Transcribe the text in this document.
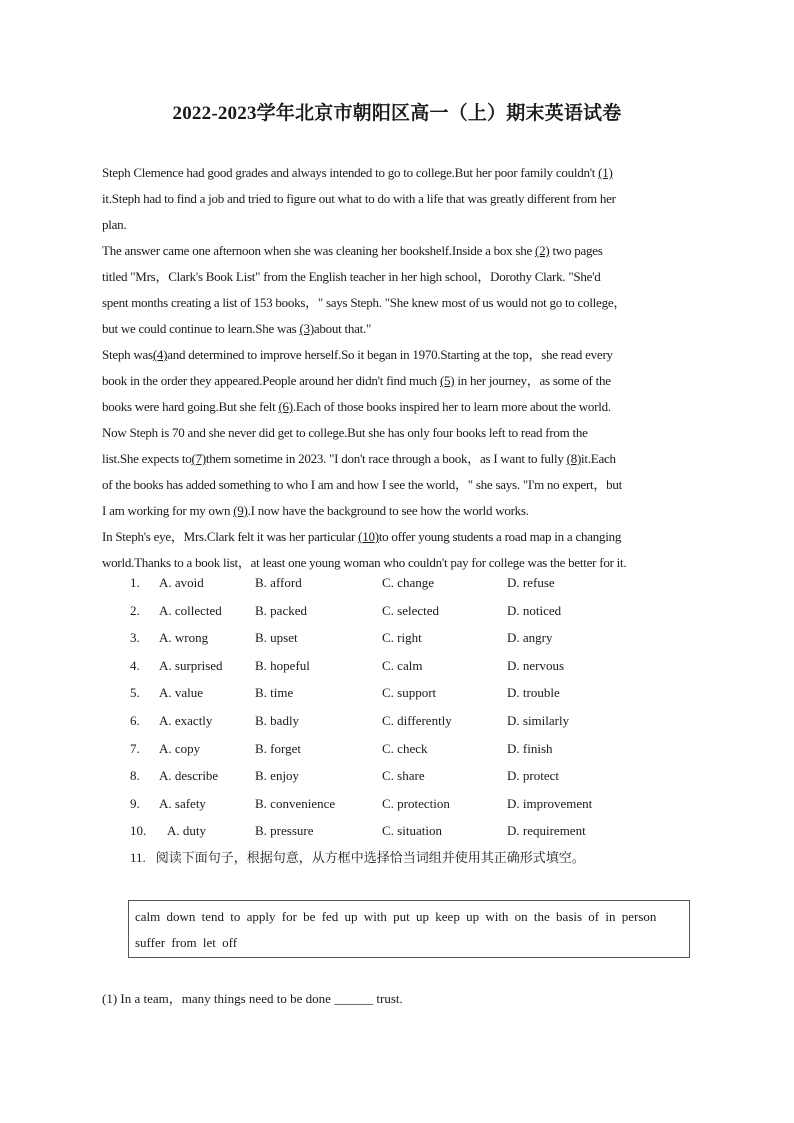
2022-2023学年北京市朝阳区高一（上）期末英语试卷
Steph Clemence had good grades and always intended to go to college.But her poor family couldn't (1)
it.Steph had to find a job and tried to figure out what to do with a life that was greatly different from her
plan.
The answer came one afternoon when she was cleaning her bookshelf.Inside a box she (2) two pages
titled "Mrs，Clark's Book List" from the English teacher in her high school，Dorothy Clark. "She'd
spent months creating a list of 153 books，" says Steph. "She knew most of us would not go to college，
but we could continue to learn.She was (3)about that."
Steph was(4)and determined to improve herself.So it began in 1970.Starting at the top，she read every
book in the order they appeared.People around her didn't find much (5) in her journey，as some of the
books were hard going.But she felt (6).Each of those books inspired her to learn more about the world.
Now Steph is 70 and she never did get to college.But she has only four books left to read from the
list.She expects to(7)them sometime in 2023. "I don't race through a book，as I want to fully (8)it.Each
of the books has added something to who I am and how I see the world，" she says. "I'm no expert，but
I am working for my own (9).I now have the background to see how the world works.
In Steph's eye，Mrs.Clark felt it was her particular (10)to offer young students a road map in a changing
world.Thanks to a book list，at least one young woman who couldn't pay for college was the better for it.
1. A. avoid	B. afford	C. change	D. refuse
2. A. collected	B. packed	C. selected	D. noticed
3. A. wrong	B. upset	C. right	D. angry
4. A. surprised B. hopeful	C. calm	D. nervous
5. A. value	B. time	C. support	D. trouble
6. A. exactly	B. badly	C. differently	D. similarly
7. A. copy	B. forget	C. check	D. finish
8. A. describe	B. enjoy	C. share	D. protect
9. A. safety	B. convenience	C. protection	D. improvement
10. A. duty	B. pressure	C. situation	D. requirement
11. 阅读下面句子，根据句意，从方框中选择恰当词组并使用其正确形式填空。
calm down tend to apply for be fed up with put up keep up with on the basis of in person suffer from let off
(1) In a team，many things need to be done ______ trust.
